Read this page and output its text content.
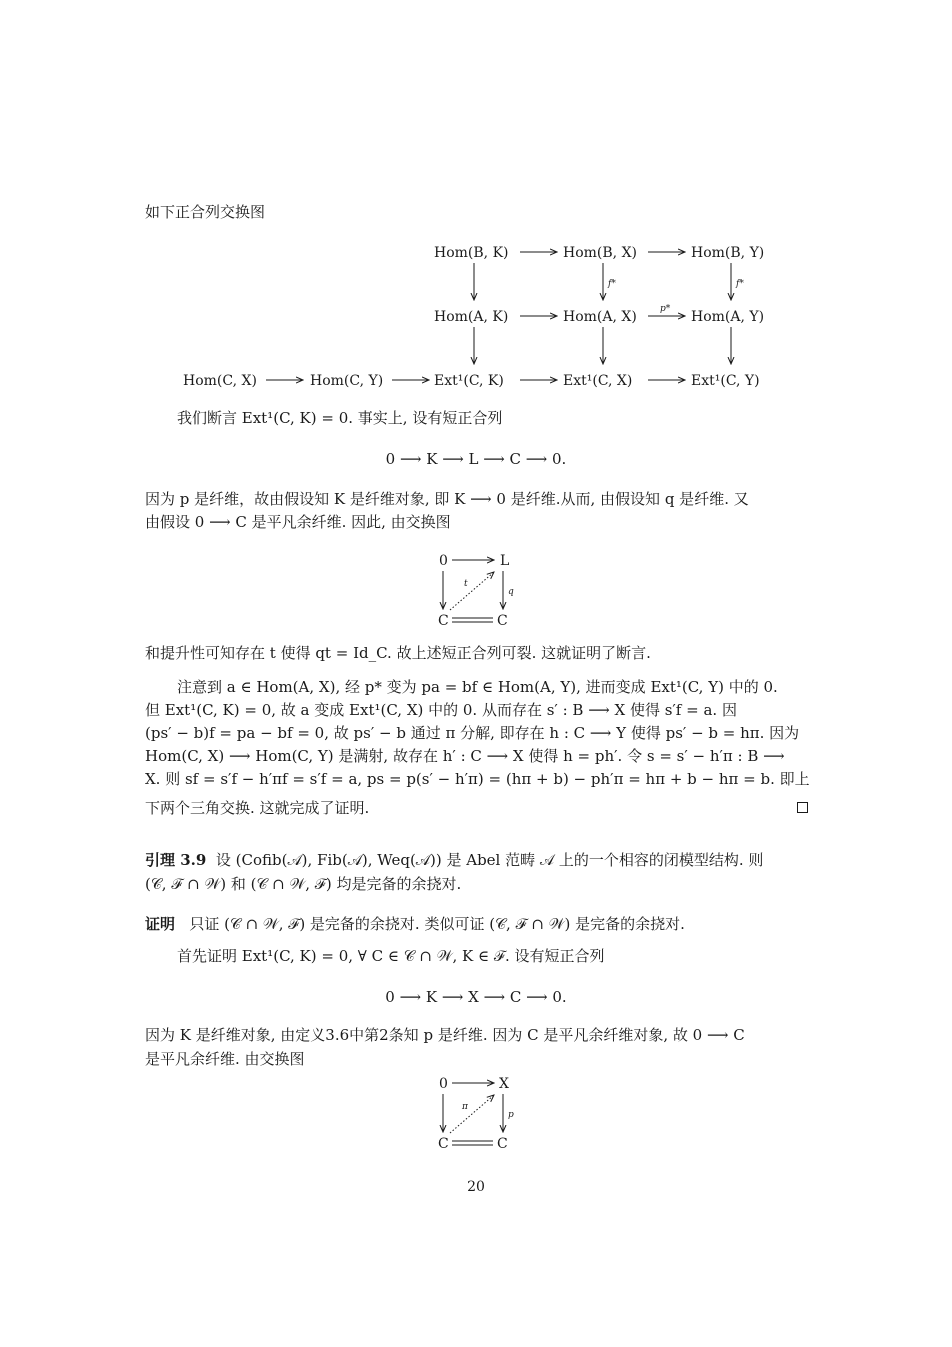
如下正合列交换图
Hom(B, K)	Hom(B, X)	Hom(B, Y)
f*	f*
Hom(A, K)	Hom(A, X)	Hom(A, Y)
p*
Hom(C, X)	Hom(C, Y)	Ext¹(C, K)	Ext¹(C, X)	Ext¹(C, Y)
我们断言 Ext¹(C, K) = 0. 事实上, 设有短正合列
0 ⟶ K ⟶ L ⟶ C ⟶ 0.
因为 p 是纤维，故由假设知 K 是纤维对象, 即 K ⟶ 0 是纤维.从而, 由假设知 q 是纤维. 又
由假设 0 ⟶ C 是平凡余纤维. 因此, 由交换图
0	L
C	C
t
q
和提升性可知存在 t 使得 qt = Id_C. 故上述短正合列可裂. 这就证明了断言.
注意到 a ∈ Hom(A, X), 经 p* 变为 pa = bf ∈ Hom(A, Y), 进而变成 Ext¹(C, Y) 中的 0.
但 Ext¹(C, K) = 0, 故 a 变成 Ext¹(C, X) 中的 0. 从而存在 s′ : B ⟶ X 使得 s′f = a. 因
(ps′ − b)f = pa − bf = 0, 故 ps′ − b 通过 π 分解, 即存在 h : C ⟶ Y 使得 ps′ − b = hπ. 因为
Hom(C, X) ⟶ Hom(C, Y) 是满射, 故存在 h′ : C ⟶ X 使得 h = ph′. 令 s = s′ − h′π : B ⟶
X. 则 sf = s′f − h′πf = s′f = a, ps = p(s′ − h′π) = (hπ + b) − ph′π = hπ + b − hπ = b. 即上
下两个三角交换. 这就完成了证明.
引理 3.9 设 (Cofib(𝒜), Fib(𝒜), Weq(𝒜)) 是 Abel 范畴 𝒜 上的一个相容的闭模型结构. 则
(𝒞, ℱ ∩ 𝒲) 和 (𝒞 ∩ 𝒲, ℱ) 均是完备的余挠对.
证明 只证 (𝒞 ∩ 𝒲, ℱ) 是完备的余挠对. 类似可证 (𝒞, ℱ ∩ 𝒲) 是完备的余挠对.
首先证明 Ext¹(C, K) = 0, ∀ C ∈ 𝒞 ∩ 𝒲, K ∈ ℱ. 设有短正合列
0 ⟶ K ⟶ X ⟶ C ⟶ 0.
因为 K 是纤维对象, 由定义3.6中第2条知 p 是纤维. 因为 C 是平凡余纤维对象, 故 0 ⟶ C
是平凡余纤维. 由交换图
0	X
C	C
π
p
20
